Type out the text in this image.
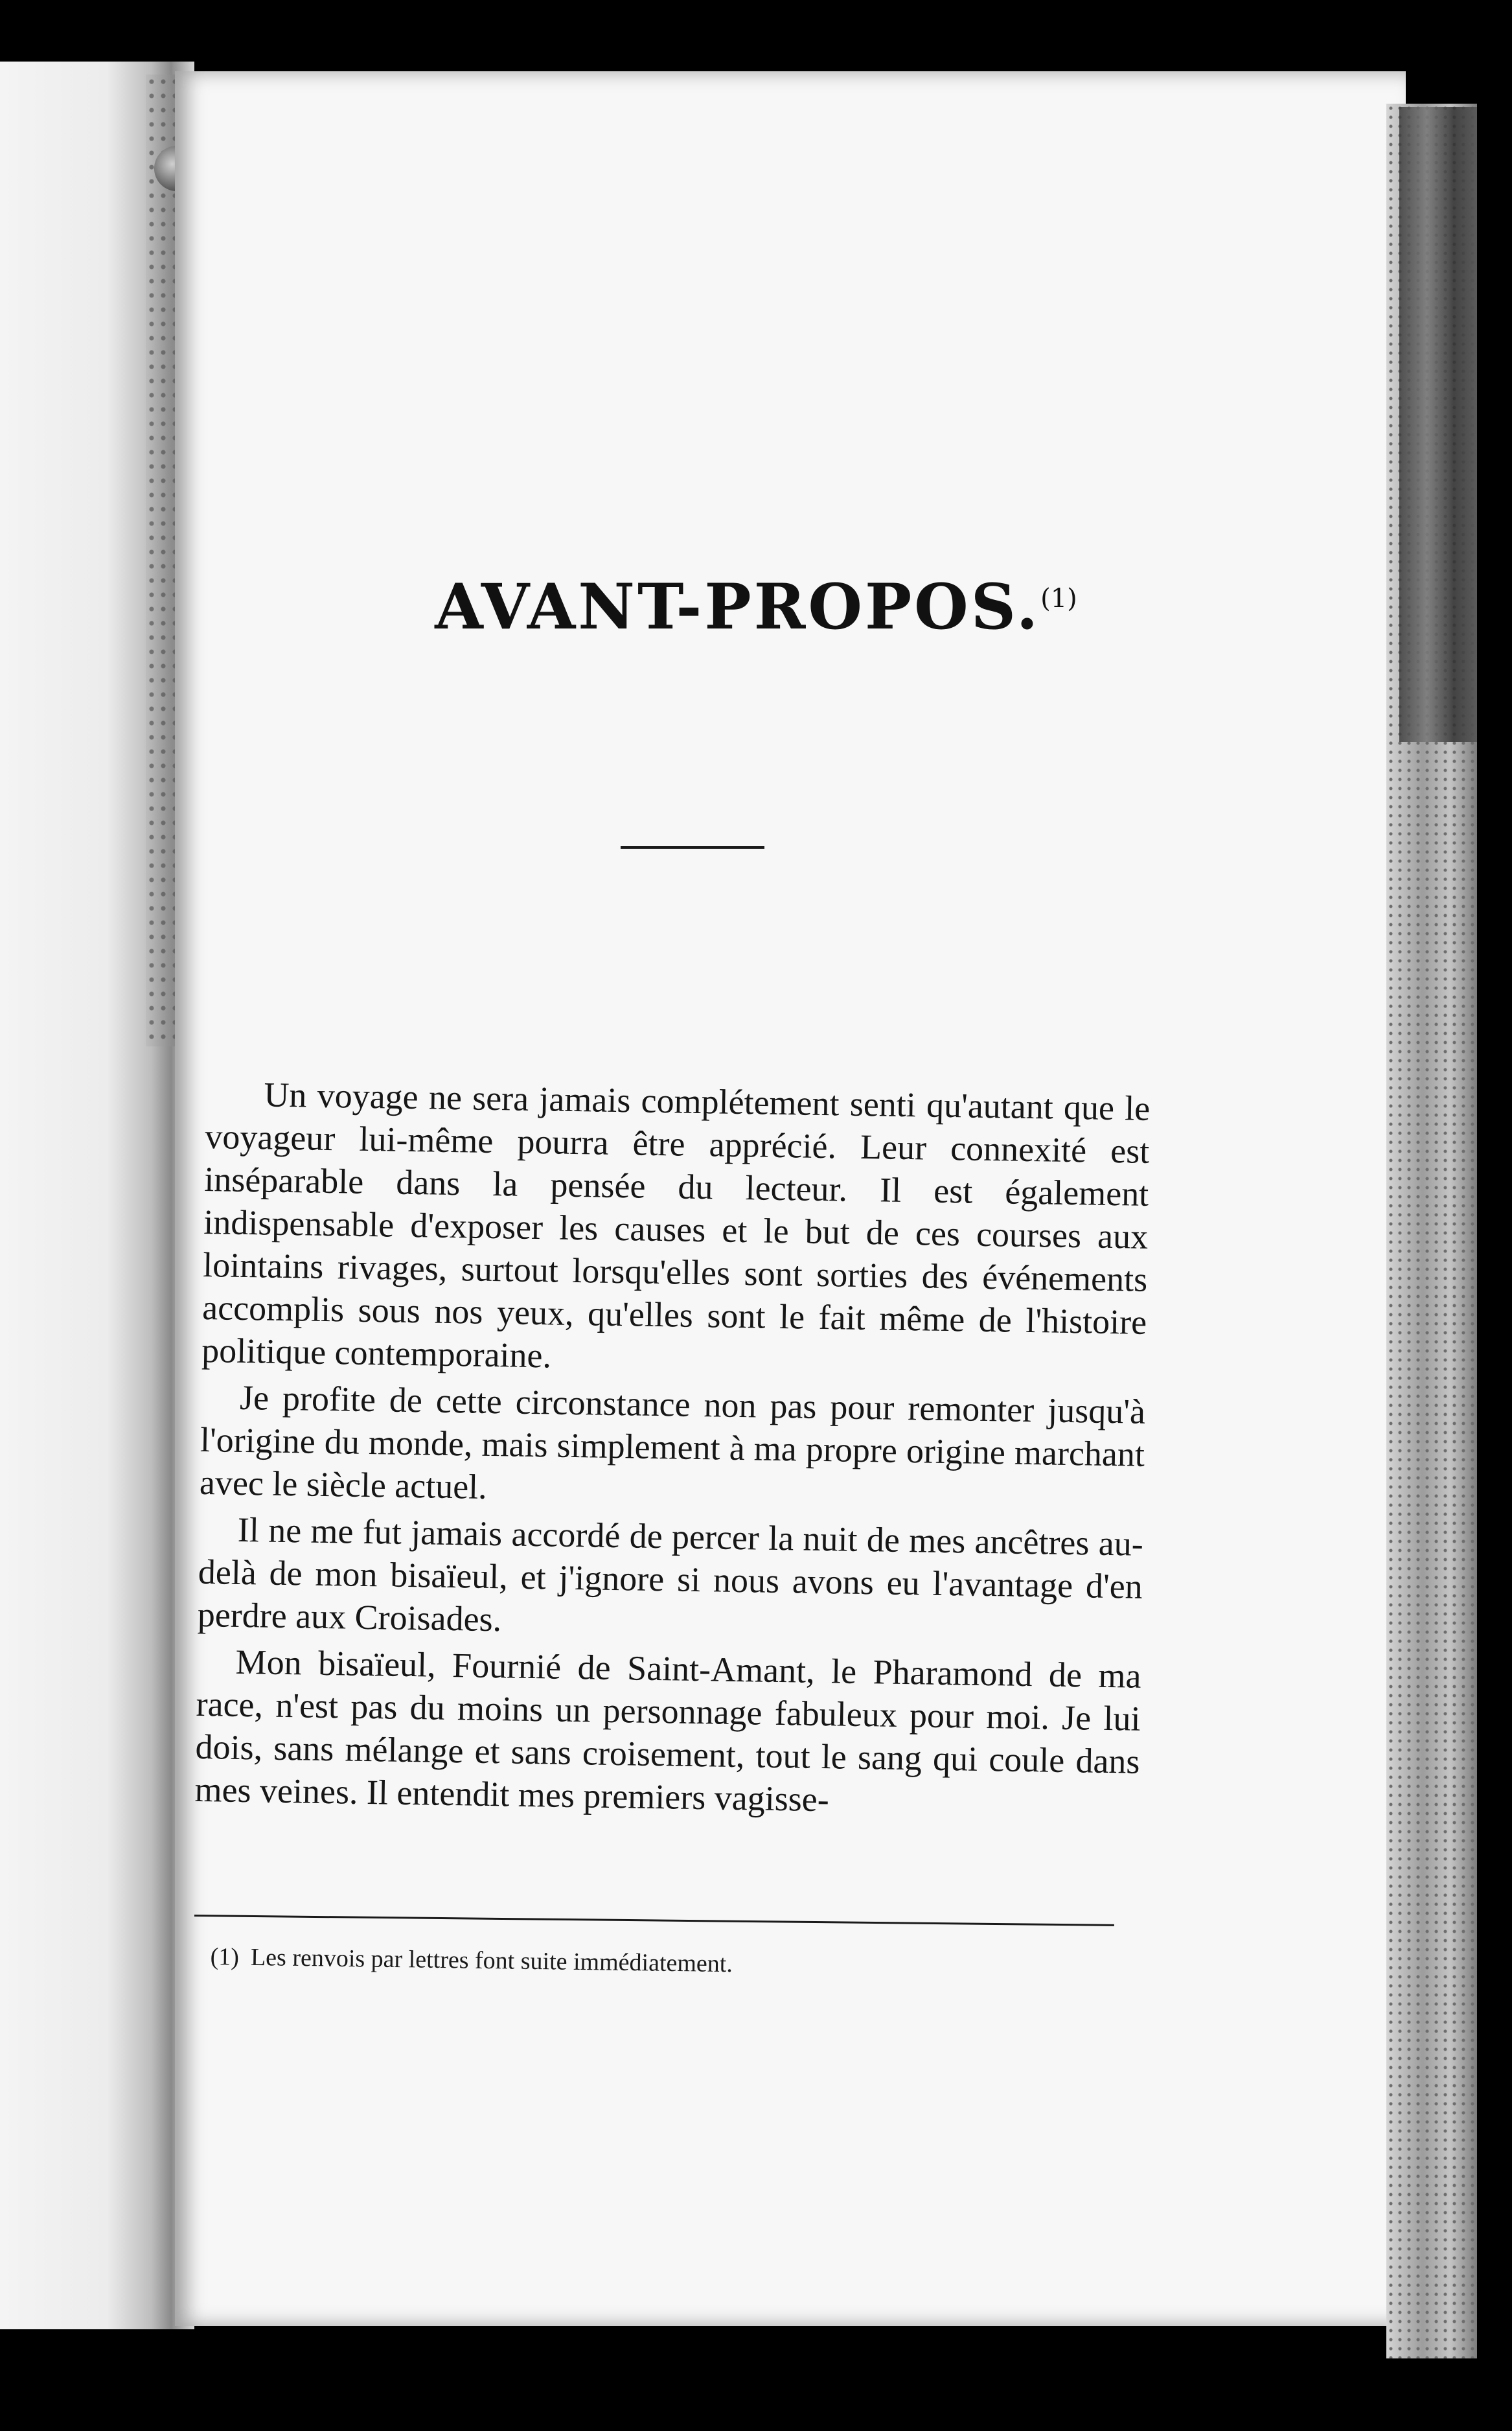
AVANT-PROPOS.$^{(1)}$

Un voyage ne sera jamais complétement senti qu'autant que le voyageur lui-même pourra être apprécié. Leur connexité est inséparable dans la pensée du lecteur. Il est également indispensable d'exposer les causes et le but de ces courses aux lointains rivages, surtout lorsqu'elles sont sorties des événements accomplis sous nos yeux, qu'elles sont le fait même de l'histoire politique contemporaine.

Je profite de cette circonstance non pas pour remonter jusqu'à l'origine du monde, mais simplement à ma propre origine marchant avec le siècle actuel.

Il ne me fut jamais accordé de percer la nuit de mes ancêtres au-delà de mon bisaïeul, et j'ignore si nous avons eu l'avantage d'en perdre aux Croisades.

Mon bisaïeul, Fournié de Saint-Amant, le Pharamond de ma race, n'est pas du moins un personnage fabuleux pour moi. Je lui dois, sans mélange et sans croisement, tout le sang qui coule dans mes veines. Il entendit mes premiers vagisse-

(1) Les renvois par lettres font suite immédiatement.
